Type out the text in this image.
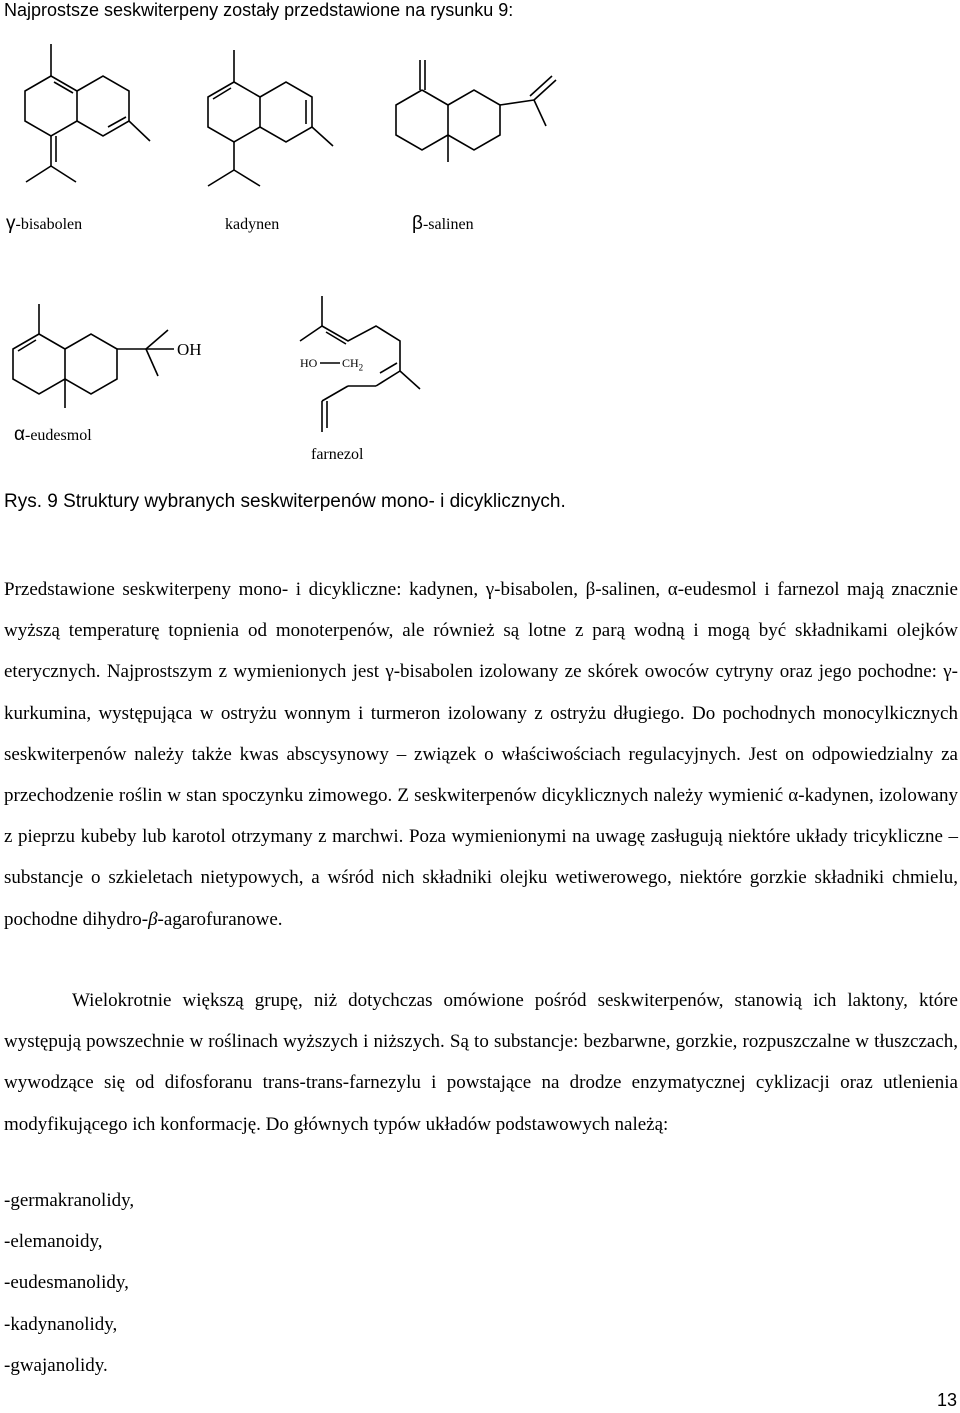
Najprostsze seskwiterpeny zostały przedstawione na rysunku 9:
γ-bisabolen	kadynen	β-salinen
OH
HO $CH_2$
α-eudesmol
farnezol
Rys. 9 Struktury wybranych seskwiterpenów mono- i dicyklicznych.
Przedstawione seskwiterpeny mono- i dicykliczne: kadynen, γ-bisabolen, β-salinen, α-eudesmol i farnezol mają znacznie wyższą temperaturę topnienia od monoterpenów, ale również są lotne z parą wodną i mogą być składnikami olejków eterycznych. Najprostszym z wymienionych jest γ-bisabolen izolowany ze skórek owoców cytryny oraz jego pochodne: γ-kurkumina, występująca w ostryżu wonnym i turmeron izolowany z ostryżu długiego. Do pochodnych monocylkicznych seskwiterpenów należy także kwas abscysynowy – związek o właściwościach regulacyjnych. Jest on odpowiedzialny za przechodzenie roślin w stan spoczynku zimowego. Z seskwiterpenów dicyklicznych należy wymienić α-kadynen, izolowany z pieprzu kubeby lub karotol otrzymany z marchwi. Poza wymienionymi na uwagę zasługują niektóre układy tricykliczne – substancje o szkieletach nietypowych, a wśród nich składniki olejku wetiwerowego, niektóre gorzkie składniki chmielu, pochodne dihydro-β-agarofuranowe.

Wielokrotnie większą grupę, niż dotychczas omówione pośród seskwiterpenów, stanowią ich laktony, które występują powszechnie w roślinach wyższych i niższych. Są to substancje: bezbarwne, gorzkie, rozpuszczalne w tłuszczach, wywodzące się od difosforanu trans-trans-farnezylu i powstające na drodze enzymatycznej cyklizacji oraz utlenienia modyfikującego ich konformację. Do głównych typów układów podstawowych należą:

-germakranolidy,
-elemanoidy,
-eudesmanolidy,
-kadynanolidy,
-gwajanolidy.
13
